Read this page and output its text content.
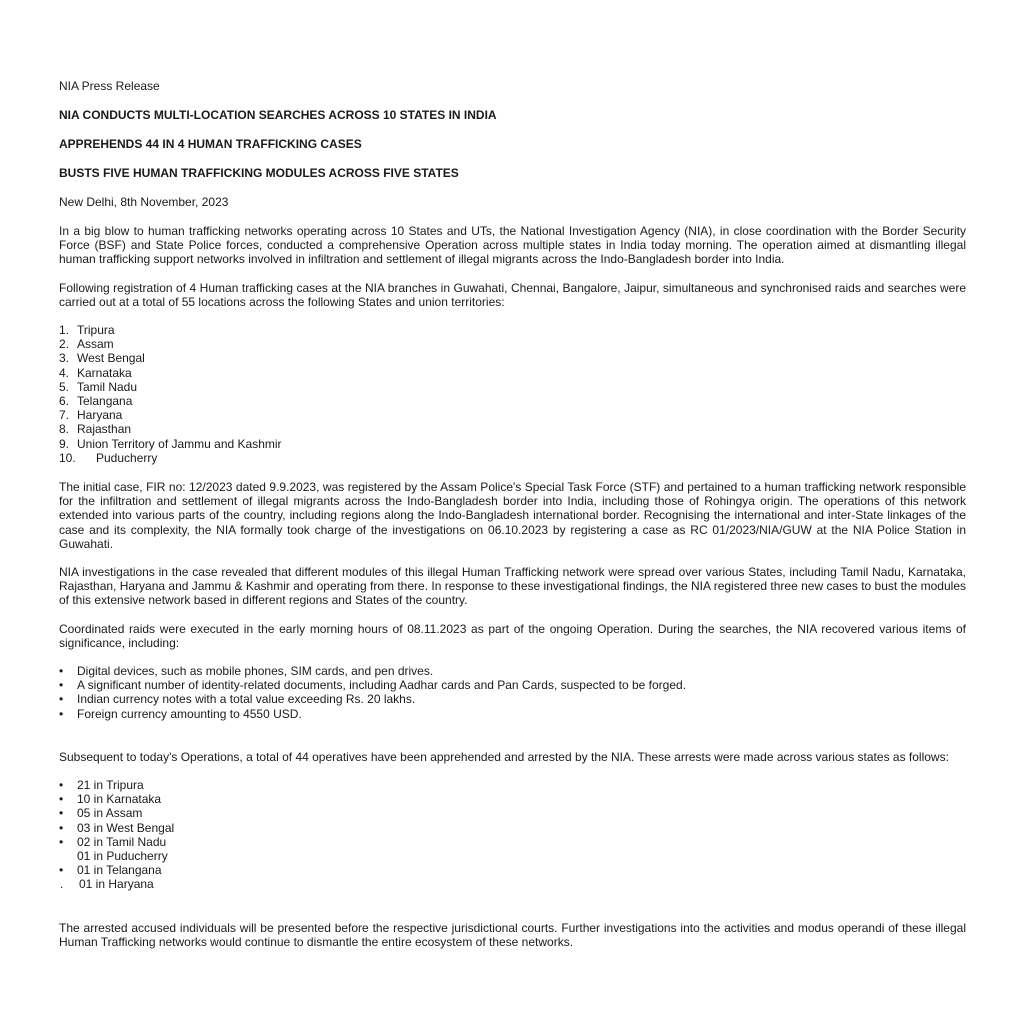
NIA Press Release

NIA CONDUCTS MULTI-LOCATION SEARCHES ACROSS 10 STATES IN INDIA

APPREHENDS 44 IN 4 HUMAN TRAFFICKING CASES

BUSTS FIVE HUMAN TRAFFICKING MODULES ACROSS FIVE STATES

New Delhi, 8th November, 2023

In a big blow to human trafficking networks operating across 10 States and UTs, the National Investigation Agency (NIA), in close coordination with the Border Security Force (BSF) and State Police forces, conducted a comprehensive Operation across multiple states in India today morning. The operation aimed at dismantling illegal human trafficking support networks involved in infiltration and settlement of illegal migrants across the Indo-Bangladesh border into India.

Following registration of 4 Human trafficking cases at the NIA branches in Guwahati, Chennai, Bangalore, Jaipur, simultaneous and synchronised raids and searches were carried out at a total of 55 locations across the following States and union territories:

1. Tripura
2. Assam
3. West Bengal
4. Karnataka
5. Tamil Nadu
6. Telangana
7. Haryana
8. Rajasthan
9. Union Territory of Jammu and Kashmir
10. Puducherry

The initial case, FIR no: 12/2023 dated 9.9.2023, was registered by the Assam Police's Special Task Force (STF) and pertained to a human trafficking network responsible for the infiltration and settlement of illegal migrants across the Indo-Bangladesh border into India, including those of Rohingya origin. The operations of this network extended into various parts of the country, including regions along the Indo-Bangladesh international border. Recognising the international and inter-State linkages of the case and its complexity, the NIA formally took charge of the investigations on 06.10.2023 by registering a case as RC 01/2023/NIA/GUW at the NIA Police Station in Guwahati.

NIA investigations in the case revealed that different modules of this illegal Human Trafficking network were spread over various States, including Tamil Nadu, Karnataka, Rajasthan, Haryana and Jammu & Kashmir and operating from there. In response to these investigational findings, the NIA registered three new cases to bust the modules of this extensive network based in different regions and States of the country.

Coordinated raids were executed in the early morning hours of 08.11.2023 as part of the ongoing Operation. During the searches, the NIA recovered various items of significance, including:

• Digital devices, such as mobile phones, SIM cards, and pen drives.
• A significant number of identity-related documents, including Aadhar cards and Pan Cards, suspected to be forged.
• Indian currency notes with a total value exceeding Rs. 20 lakhs.
• Foreign currency amounting to 4550 USD.

Subsequent to today's Operations, a total of 44 operatives have been apprehended and arrested by the NIA. These arrests were made across various states as follows:

• 21 in Tripura
• 10 in Karnataka
• 05 in Assam
• 03 in West Bengal
• 02 in Tamil Nadu
01 in Puducherry
• 01 in Telangana
. 01 in Haryana

The arrested accused individuals will be presented before the respective jurisdictional courts. Further investigations into the activities and modus operandi of these illegal Human Trafficking networks would continue to dismantle the entire ecosystem of these networks.
